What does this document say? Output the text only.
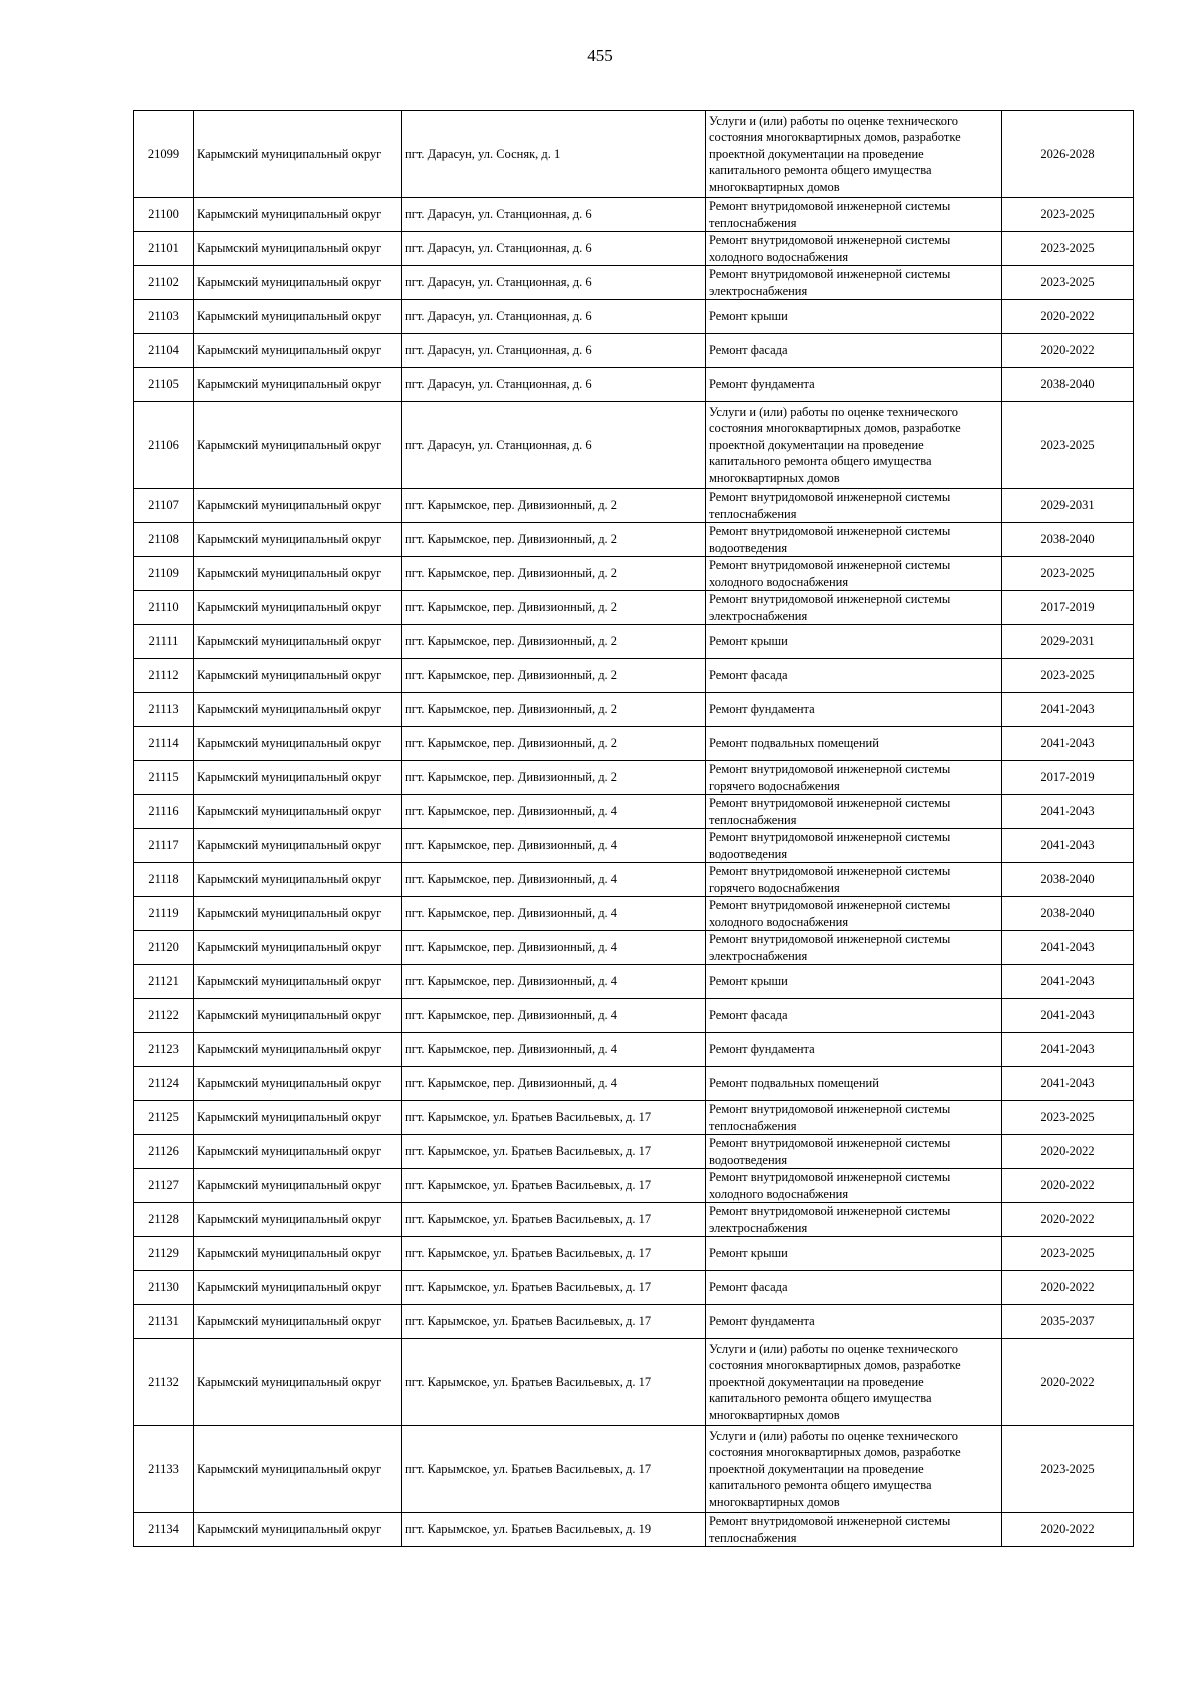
455
21099	Карымский муниципальный округ	пгт. Дарасун, ул. Сосняк, д. 1	Услуги и (или) работы по оценке технического состояния многоквартирных домов, разработке проектной документации на проведение капитального ремонта общего имущества многоквартирных домов	2026-2028
21100	Карымский муниципальный округ	пгт. Дарасун, ул. Станционная, д. 6	Ремонт внутридомовой инженерной системы теплоснабжения	2023-2025
21101	Карымский муниципальный округ	пгт. Дарасун, ул. Станционная, д. 6	Ремонт внутридомовой инженерной системы холодного водоснабжения	2023-2025
21102	Карымский муниципальный округ	пгт. Дарасун, ул. Станционная, д. 6	Ремонт внутридомовой инженерной системы электроснабжения	2023-2025
21103	Карымский муниципальный округ	пгт. Дарасун, ул. Станционная, д. 6	Ремонт крыши	2020-2022
21104	Карымский муниципальный округ	пгт. Дарасун, ул. Станционная, д. 6	Ремонт фасада	2020-2022
21105	Карымский муниципальный округ	пгт. Дарасун, ул. Станционная, д. 6	Ремонт фундамента	2038-2040
21106	Карымский муниципальный округ	пгт. Дарасун, ул. Станционная, д. 6	Услуги и (или) работы по оценке технического состояния многоквартирных домов, разработке проектной документации на проведение капитального ремонта общего имущества многоквартирных домов	2023-2025
21107	Карымский муниципальный округ	пгт. Карымское, пер. Дивизионный, д. 2	Ремонт внутридомовой инженерной системы теплоснабжения	2029-2031
21108	Карымский муниципальный округ	пгт. Карымское, пер. Дивизионный, д. 2	Ремонт внутридомовой инженерной системы водоотведения	2038-2040
21109	Карымский муниципальный округ	пгт. Карымское, пер. Дивизионный, д. 2	Ремонт внутридомовой инженерной системы холодного водоснабжения	2023-2025
21110	Карымский муниципальный округ	пгт. Карымское, пер. Дивизионный, д. 2	Ремонт внутридомовой инженерной системы электроснабжения	2017-2019
21111	Карымский муниципальный округ	пгт. Карымское, пер. Дивизионный, д. 2	Ремонт крыши	2029-2031
21112	Карымский муниципальный округ	пгт. Карымское, пер. Дивизионный, д. 2	Ремонт фасада	2023-2025
21113	Карымский муниципальный округ	пгт. Карымское, пер. Дивизионный, д. 2	Ремонт фундамента	2041-2043
21114	Карымский муниципальный округ	пгт. Карымское, пер. Дивизионный, д. 2	Ремонт подвальных помещений	2041-2043
21115	Карымский муниципальный округ	пгт. Карымское, пер. Дивизионный, д. 2	Ремонт внутридомовой инженерной системы горячего водоснабжения	2017-2019
21116	Карымский муниципальный округ	пгт. Карымское, пер. Дивизионный, д. 4	Ремонт внутридомовой инженерной системы теплоснабжения	2041-2043
21117	Карымский муниципальный округ	пгт. Карымское, пер. Дивизионный, д. 4	Ремонт внутридомовой инженерной системы водоотведения	2041-2043
21118	Карымский муниципальный округ	пгт. Карымское, пер. Дивизионный, д. 4	Ремонт внутридомовой инженерной системы горячего водоснабжения	2038-2040
21119	Карымский муниципальный округ	пгт. Карымское, пер. Дивизионный, д. 4	Ремонт внутридомовой инженерной системы холодного водоснабжения	2038-2040
21120	Карымский муниципальный округ	пгт. Карымское, пер. Дивизионный, д. 4	Ремонт внутридомовой инженерной системы электроснабжения	2041-2043
21121	Карымский муниципальный округ	пгт. Карымское, пер. Дивизионный, д. 4	Ремонт крыши	2041-2043
21122	Карымский муниципальный округ	пгт. Карымское, пер. Дивизионный, д. 4	Ремонт фасада	2041-2043
21123	Карымский муниципальный округ	пгт. Карымское, пер. Дивизионный, д. 4	Ремонт фундамента	2041-2043
21124	Карымский муниципальный округ	пгт. Карымское, пер. Дивизионный, д. 4	Ремонт подвальных помещений	2041-2043
21125	Карымский муниципальный округ	пгт. Карымское, ул. Братьев Васильевых, д. 17	Ремонт внутридомовой инженерной системы теплоснабжения	2023-2025
21126	Карымский муниципальный округ	пгт. Карымское, ул. Братьев Васильевых, д. 17	Ремонт внутридомовой инженерной системы водоотведения	2020-2022
21127	Карымский муниципальный округ	пгт. Карымское, ул. Братьев Васильевых, д. 17	Ремонт внутридомовой инженерной системы холодного водоснабжения	2020-2022
21128	Карымский муниципальный округ	пгт. Карымское, ул. Братьев Васильевых, д. 17	Ремонт внутридомовой инженерной системы электроснабжения	2020-2022
21129	Карымский муниципальный округ	пгт. Карымское, ул. Братьев Васильевых, д. 17	Ремонт крыши	2023-2025
21130	Карымский муниципальный округ	пгт. Карымское, ул. Братьев Васильевых, д. 17	Ремонт фасада	2020-2022
21131	Карымский муниципальный округ	пгт. Карымское, ул. Братьев Васильевых, д. 17	Ремонт фундамента	2035-2037
21132	Карымский муниципальный округ	пгт. Карымское, ул. Братьев Васильевых, д. 17	Услуги и (или) работы по оценке технического состояния многоквартирных домов, разработке проектной документации на проведение капитального ремонта общего имущества многоквартирных домов	2020-2022
21133	Карымский муниципальный округ	пгт. Карымское, ул. Братьев Васильевых, д. 17	Услуги и (или) работы по оценке технического состояния многоквартирных домов, разработке проектной документации на проведение капитального ремонта общего имущества многоквартирных домов	2023-2025
21134	Карымский муниципальный округ	пгт. Карымское, ул. Братьев Васильевых, д. 19	Ремонт внутридомовой инженерной системы теплоснабжения	2020-2022
